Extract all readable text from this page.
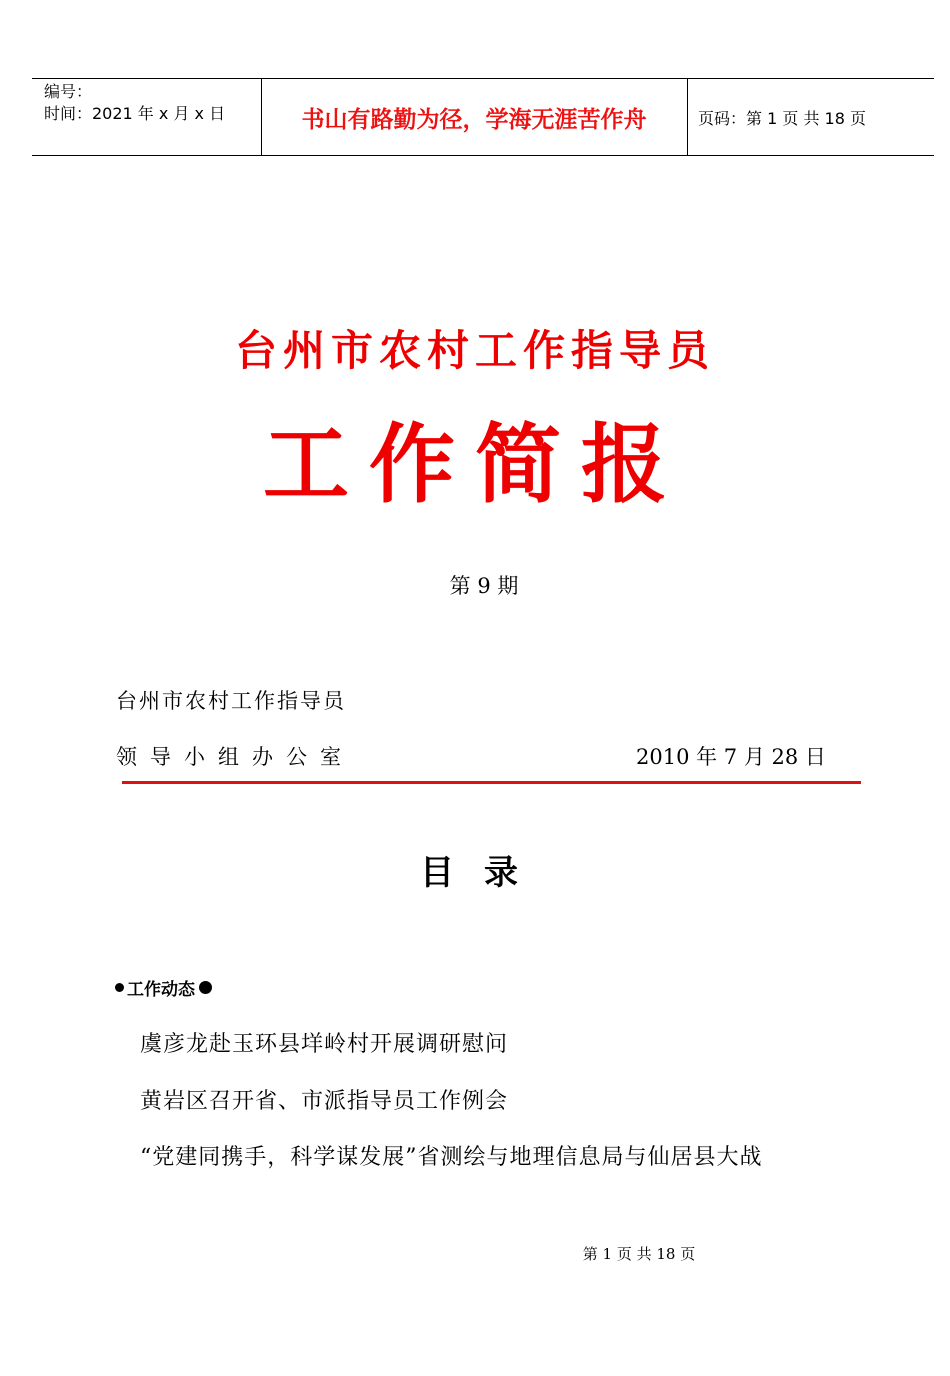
编号：
时间：2021 年 x 月 x 日	书山有路勤为径，学海无涯苦作舟	页码：第 1 页 共 18 页
台州市农村工作指导员
工作简报
第 9 期
台州市农村工作指导员
领导小组办公室	2010 年 7 月 28 日
目录
工作动态
虞彦龙赴玉环县垟岭村开展调研慰问
黄岩区召开省、市派指导员工作例会
“党建同携手，科学谋发展”省测绘与地理信息局与仙居县大战
第 1 页 共 18 页
